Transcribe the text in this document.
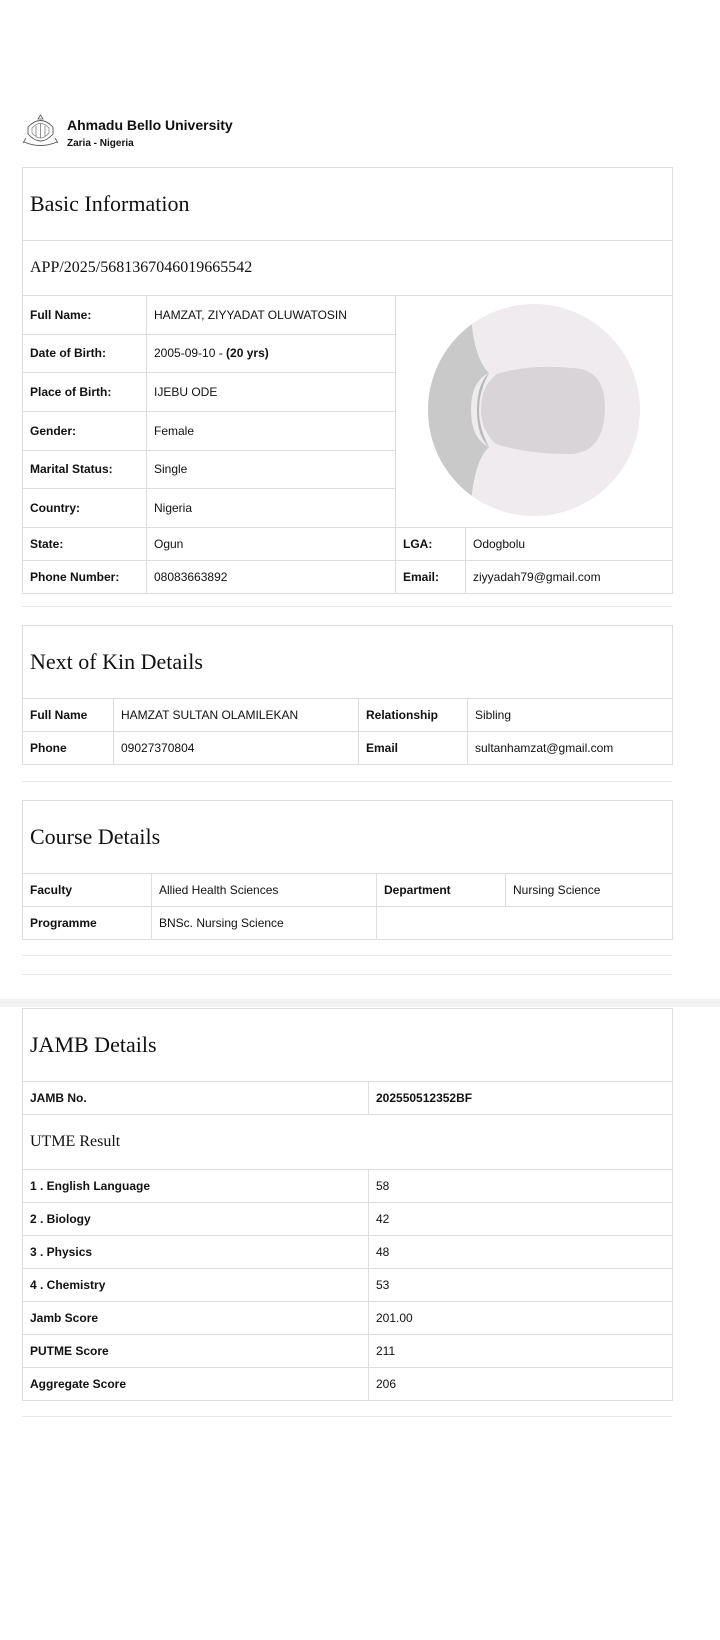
Ahmadu Bello University
Zaria - Nigeria
Basic Information			
APP/2025/5681367046019665542			
Full Name:	HAMZAT, ZIYYADAT OLUWATOSIN	
Date of Birth:	2005-09-10 - (20 yrs)		
Place of Birth:	IJEBU ODE		
Gender:	Female		
Marital Status:	Single		
Country:	Nigeria		
State:	Ogun	LGA:	Odogbolu
Phone Number:	08083663892	Email:	ziyyadah79@gmail.com
Next of Kin Details			
Full Name	HAMZAT SULTAN OLAMILEKAN	Relationship	Sibling
Phone	09027370804	Email	sultanhamzat@gmail.com
Course Details			
Faculty	Allied Health Sciences	Department	Nursing Science
Programme	BNSc. Nursing Science		
JAMB Details	
JAMB No.	202550512352BF
UTME Result	
1 . English Language	58
2 . Biology	42
3 . Physics	48
4 . Chemistry	53
Jamb Score	201.00
PUTME Score	211
Aggregate Score	206
